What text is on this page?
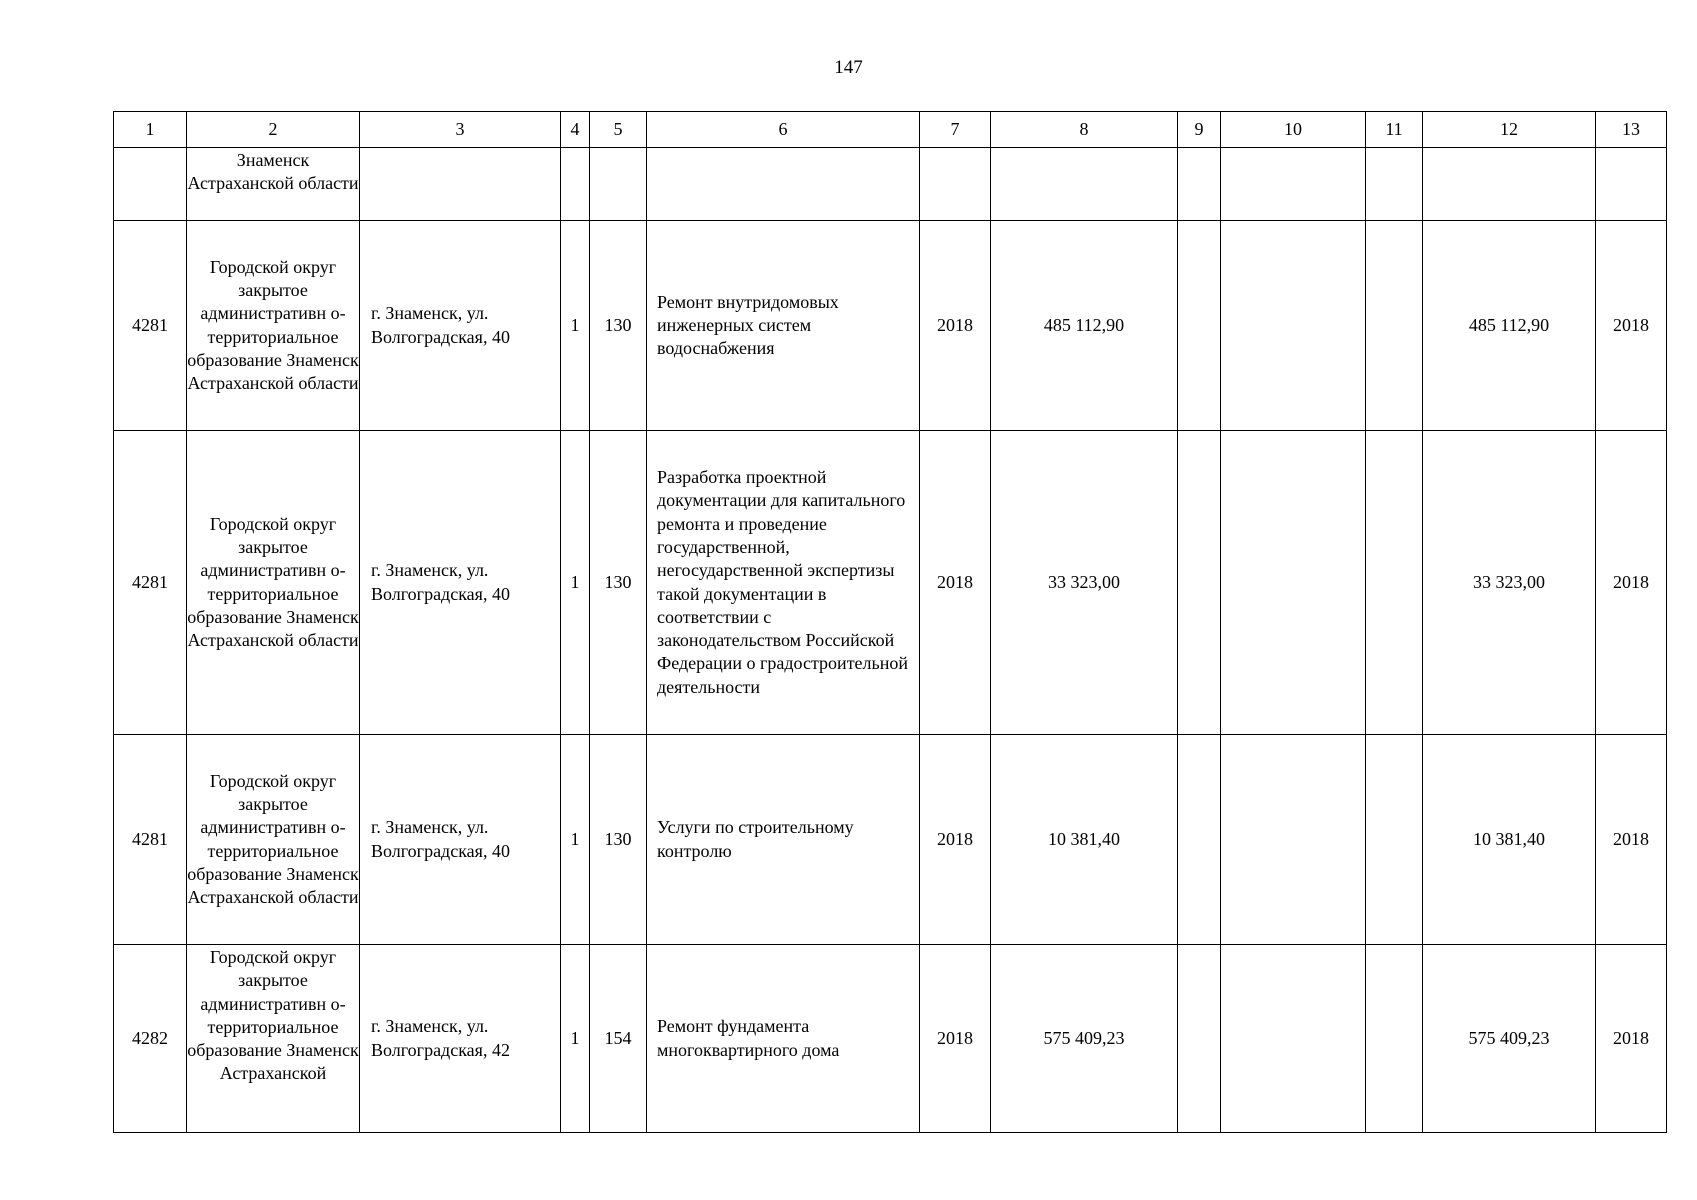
147
1	2	3	4	5	6	7	8	9	10	11	12	13
	Знаменск Астраханской области											
4281	Городской округ закрытое административн о-территориальное образование Знаменск Астраханской области	г. Знаменск, ул. Волгоградская, 40	1	130	Ремонт внутридомовых инженерных систем водоснабжения	2018	485 112,90				485 112,90	2018
4281	Городской округ закрытое административн о-территориальное образование Знаменск Астраханской области	г. Знаменск, ул. Волгоградская, 40	1	130	Разработка проектной документации для капитального ремонта и проведение государственной, негосударственной экспертизы такой документации в соответствии с законодательством Российской Федерации о градостроительной деятельности	2018	33 323,00				33 323,00	2018
4281	Городской округ закрытое административн о-территориальное образование Знаменск Астраханской области	г. Знаменск, ул. Волгоградская, 40	1	130	Услуги по строительному контролю	2018	10 381,40				10 381,40	2018
4282	Городской округ закрытое административн о-территориальное образование Знаменск Астраханской	г. Знаменск, ул. Волгоградская, 42	1	154	Ремонт фундамента многоквартирного дома	2018	575 409,23				575 409,23	2018
